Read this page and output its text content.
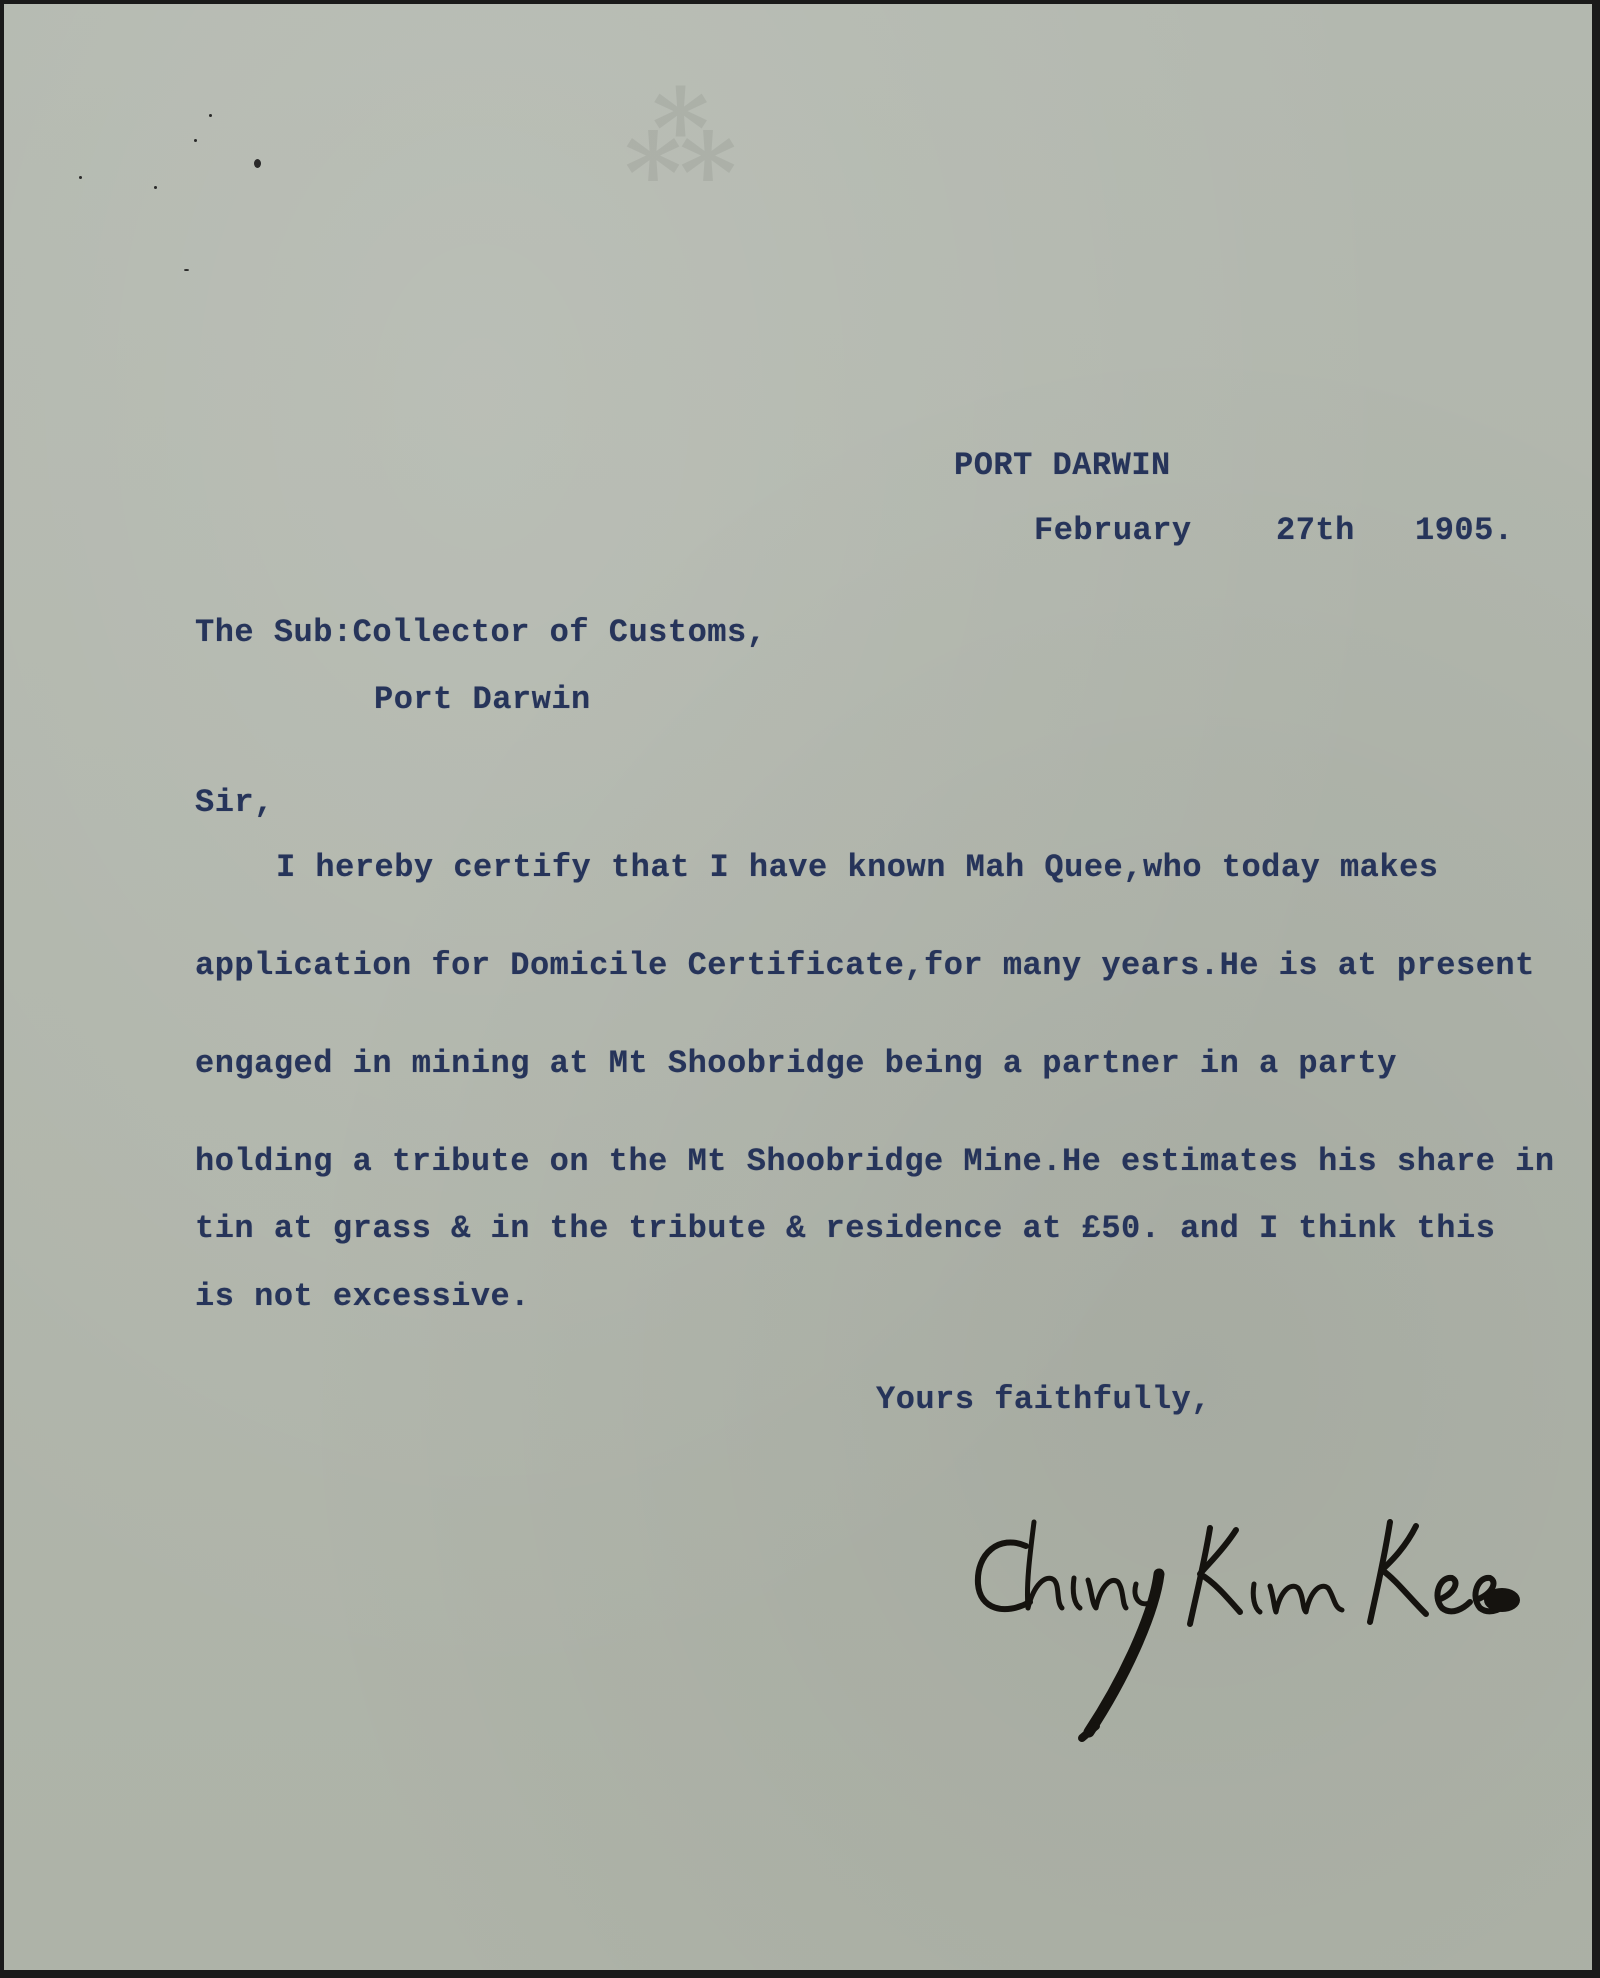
⁂
PORT DARWIN
February	27th 1905.
The Sub:Collector of Customs,
Port Darwin
Sir,
I hereby certify that I have known Mah Quee,who today makes
application for Domicile Certificate,for many years.He is at present
engaged in mining at Mt Shoobridge being a partner in a party
holding a tribute on the Mt Shoobridge Mine.He estimates his share in
tin at grass & in the tribute & residence at £50. and I think this
is not excessive.
Yours faithfully,
